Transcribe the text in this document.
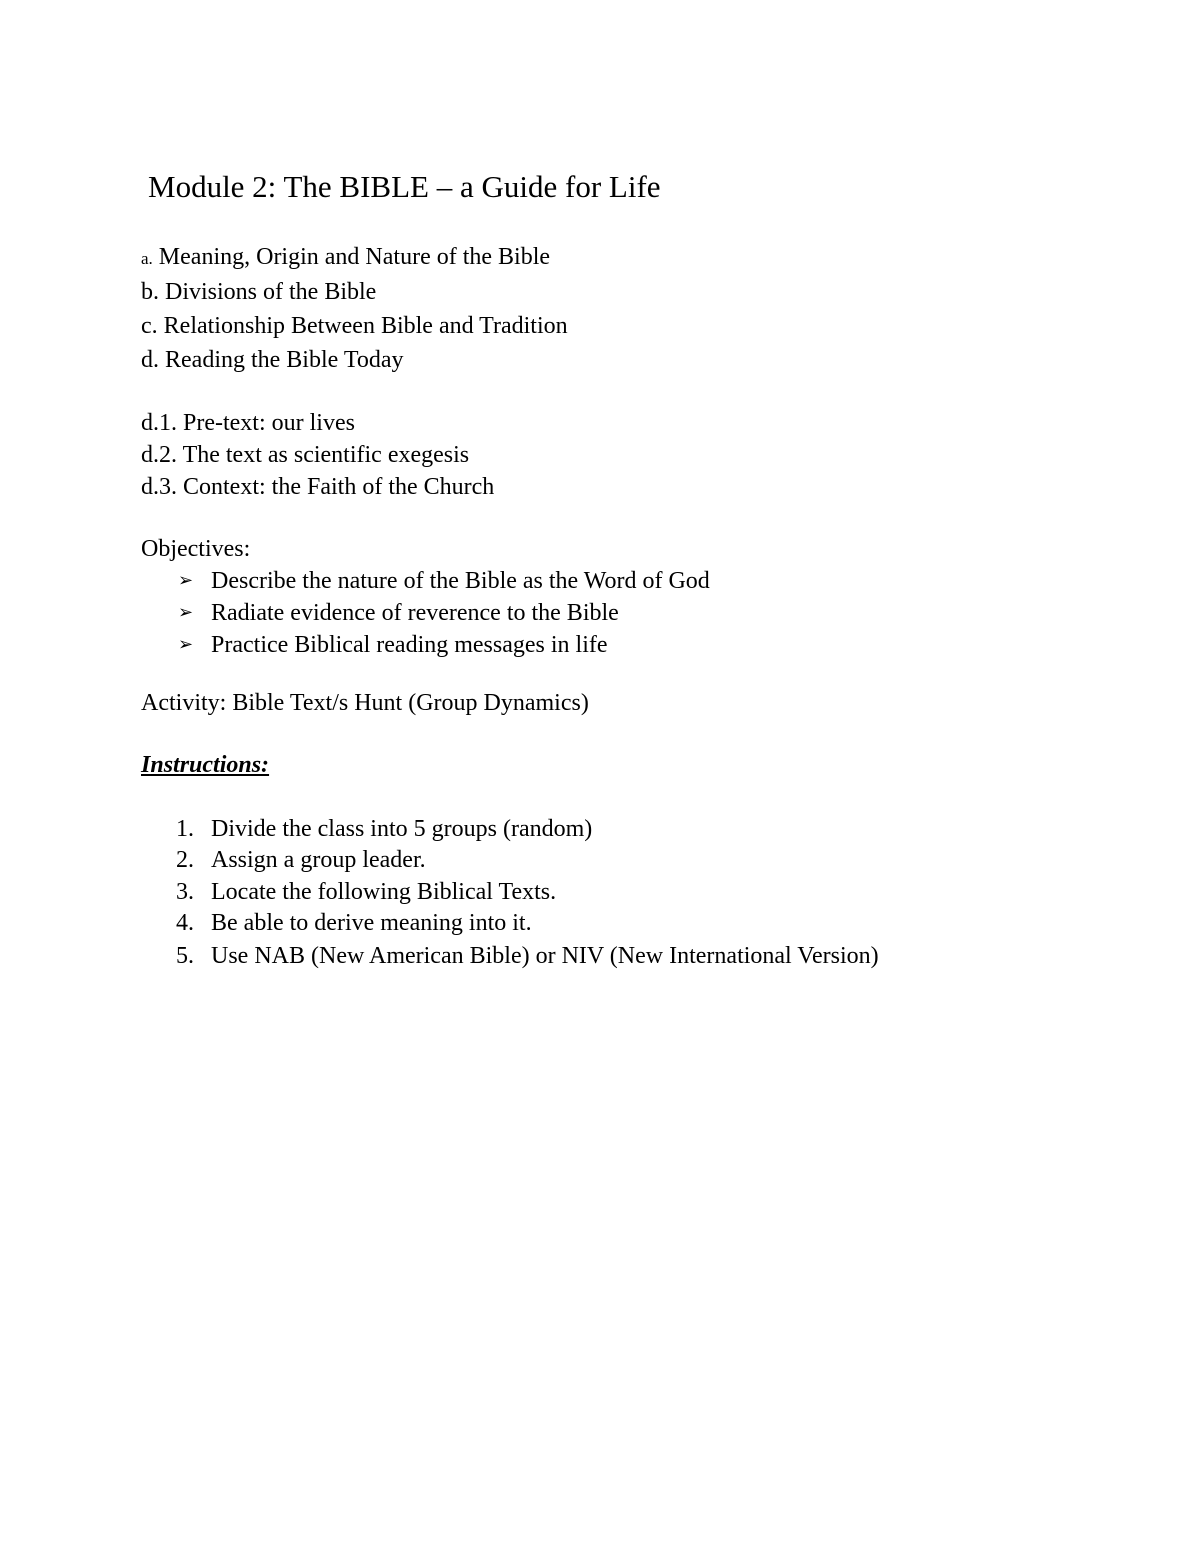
Module 2: The BIBLE – a Guide for Life
a. Meaning, Origin and Nature of the Bible
b. Divisions of the Bible
c. Relationship Between Bible and Tradition
d. Reading the Bible Today
d.1. Pre-text: our lives
d.2. The text as scientific exegesis
d.3. Context: the Faith of the Church
Objectives:
➢ Describe the nature of the Bible as the Word of God
➢ Radiate evidence of reverence to the Bible
➢ Practice Biblical reading messages in life
Activity: Bible Text/s Hunt (Group Dynamics)
Instructions:
1. Divide the class into 5 groups (random)
2. Assign a group leader.
3. Locate the following Biblical Texts.
4. Be able to derive meaning into it.
5. Use NAB (New American Bible) or NIV (New International Version)
